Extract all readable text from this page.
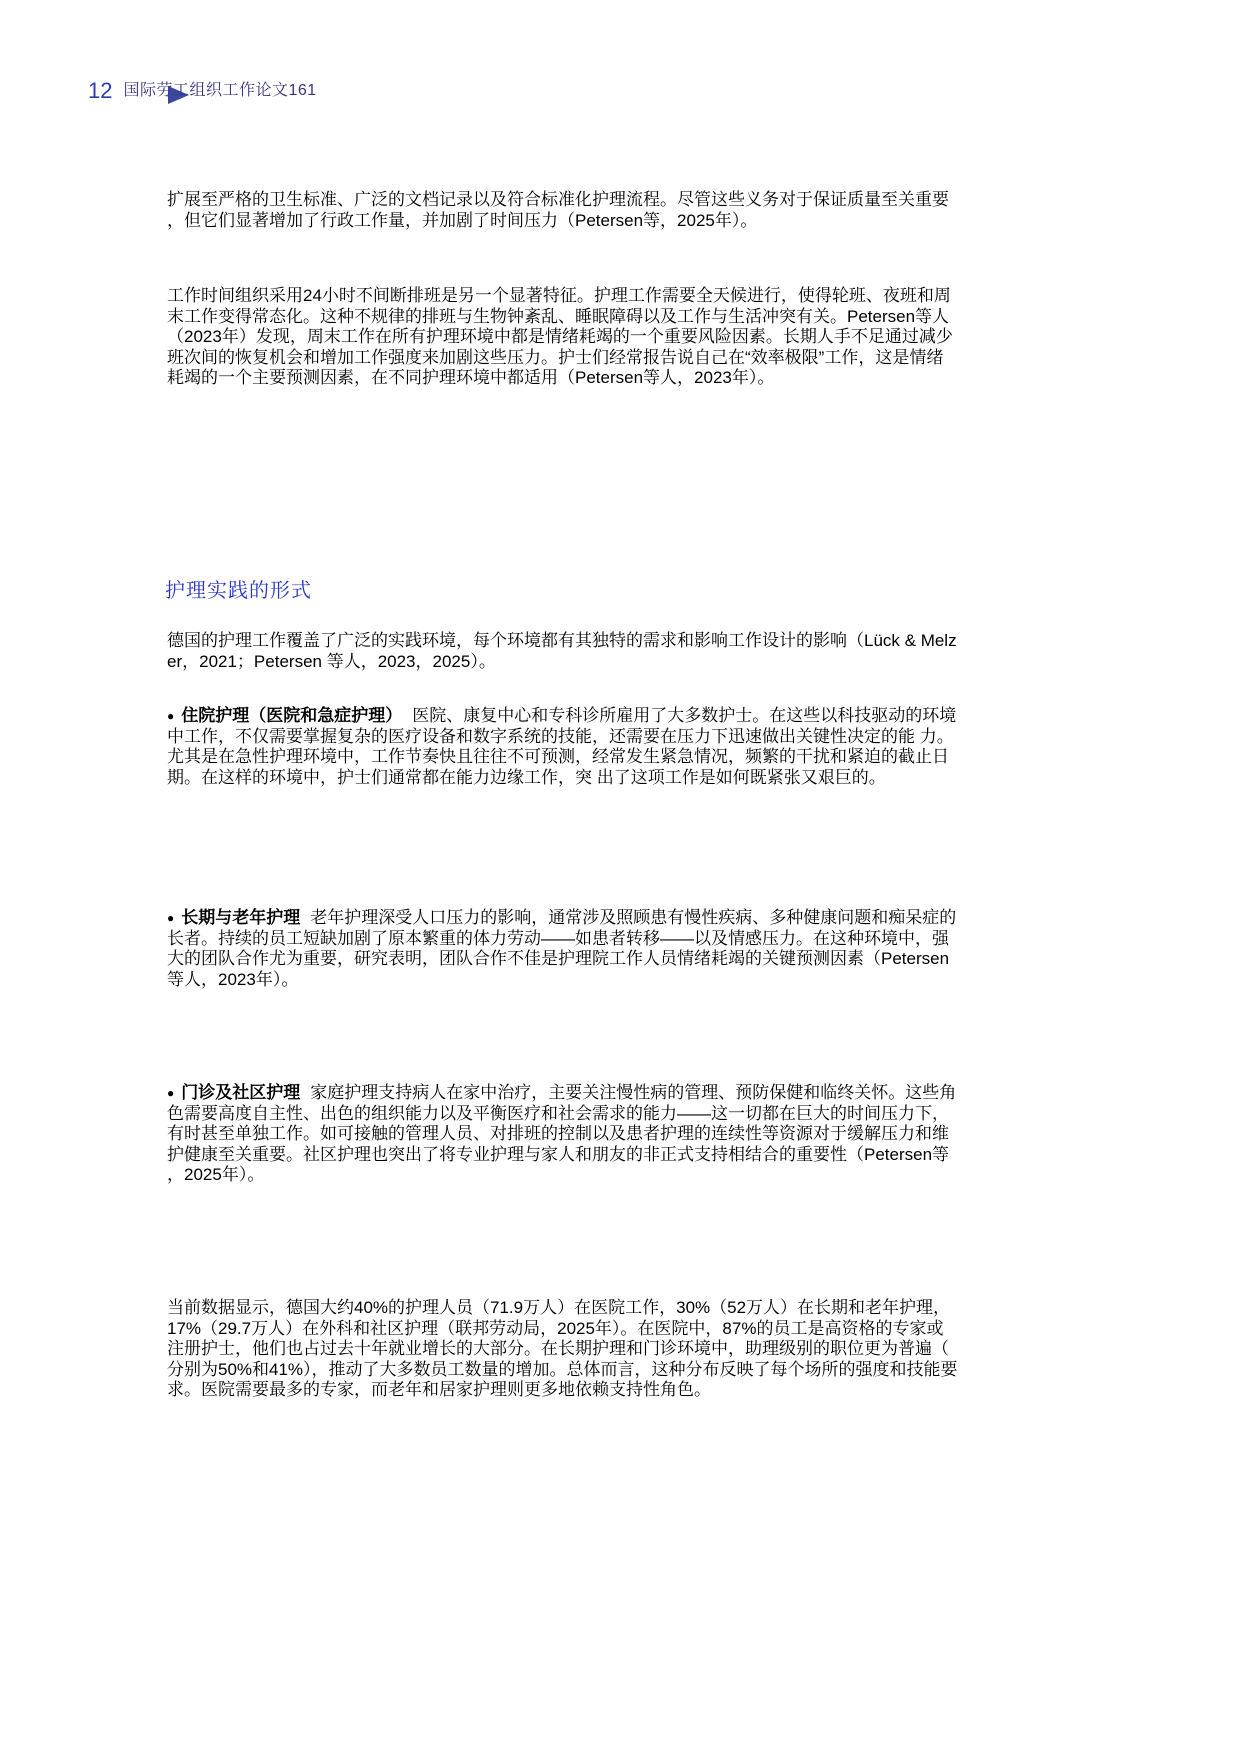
12 国际劳工组织工作论文161
扩展至严格的卫生标准、广泛的文档记录以及符合标准化护理流程。尽管这些义务对于保证质量至关重要，但它们显著增加了行政工作量，并加剧了时间压力（Petersen等，2025年）。
工作时间组织采用24小时不间断排班是另一个显著特征。护理工作需要全天候进行，使得轮班、夜班和周末工作变得常态化。这种不规律的排班与生物钟紊乱、睡眠障碍以及工作与生活冲突有关。Petersen等人（2023年）发现，周末工作在所有护理环境中都是情绪耗竭的一个重要风险因素。长期人手不足通过减少班次间的恢复机会和增加工作强度来加剧这些压力。护士们经常报告说自己在“效率极限”工作，这是情绪耗竭的一个主要预测因素，在不同护理环境中都适用（Petersen等人，2023年）。
护理实践的形式
德国的护理工作覆盖了广泛的实践环境，每个环境都有其独特的需求和影响工作设计的影响（Lück & Melzer，2021；Petersen 等人，2023，2025）。
● 住院护理（医院和急症护理） 医院、康复中心和专科诊所雇用了大多数护士。在这些以科技驱动的环境中工作，不仅需要掌握复杂的医疗设备和数字系统的技能，还需要在压力下迅速做出关键性决定的能 力。尤其是在急性护理环境中，工作节奏快且往往不可预测，经常发生紧急情况，频繁的干扰和紧迫的截止日期。在这样的环境中，护士们通常都在能力边缘工作，突 出了这项工作是如何既紧张又艰巨的。
● 长期与老年护理 老年护理深受人口压力的影响，通常涉及照顾患有慢性疾病、多种健康问题和痴呆症的长者。持续的员工短缺加剧了原本繁重的体力劳动——如患者转移——以及情感压力。在这种环境中，强大的团队合作尤为重要，研究表明，团队合作不佳是护理院工作人员情绪耗竭的关键预测因素（Petersen等人，2023年）。
● 门诊及社区护理 家庭护理支持病人在家中治疗，主要关注慢性病的管理、预防保健和临终关怀。这些角色需要高度自主性、出色的组织能力以及平衡医疗和社会需求的能力——这一切都在巨大的时间压力下，有时甚至单独工作。如可接触的管理人员、对排班的控制以及患者护理的连续性等资源对于缓解压力和维护健康至关重要。社区护理也突出了将专业护理与家人和朋友的非正式支持相结合的重要性（Petersen等，2025年）。
当前数据显示，德国大约40%的护理人员（71.9万人）在医院工作，30%（52万人）在长期和老年护理，17%（29.7万人）在外科和社区护理（联邦劳动局，2025年）。在医院中，87%的员工是高资格的专家或注册护士，他们也占过去十年就业增长的大部分。在长期护理和门诊环境中，助理级别的职位更为普遍（分别为50%和41%），推动了大多数员工数量的增加。总体而言，这种分布反映了每个场所的强度和技能要求。医院需要最多的专家，而老年和居家护理则更多地依赖支持性角色。
